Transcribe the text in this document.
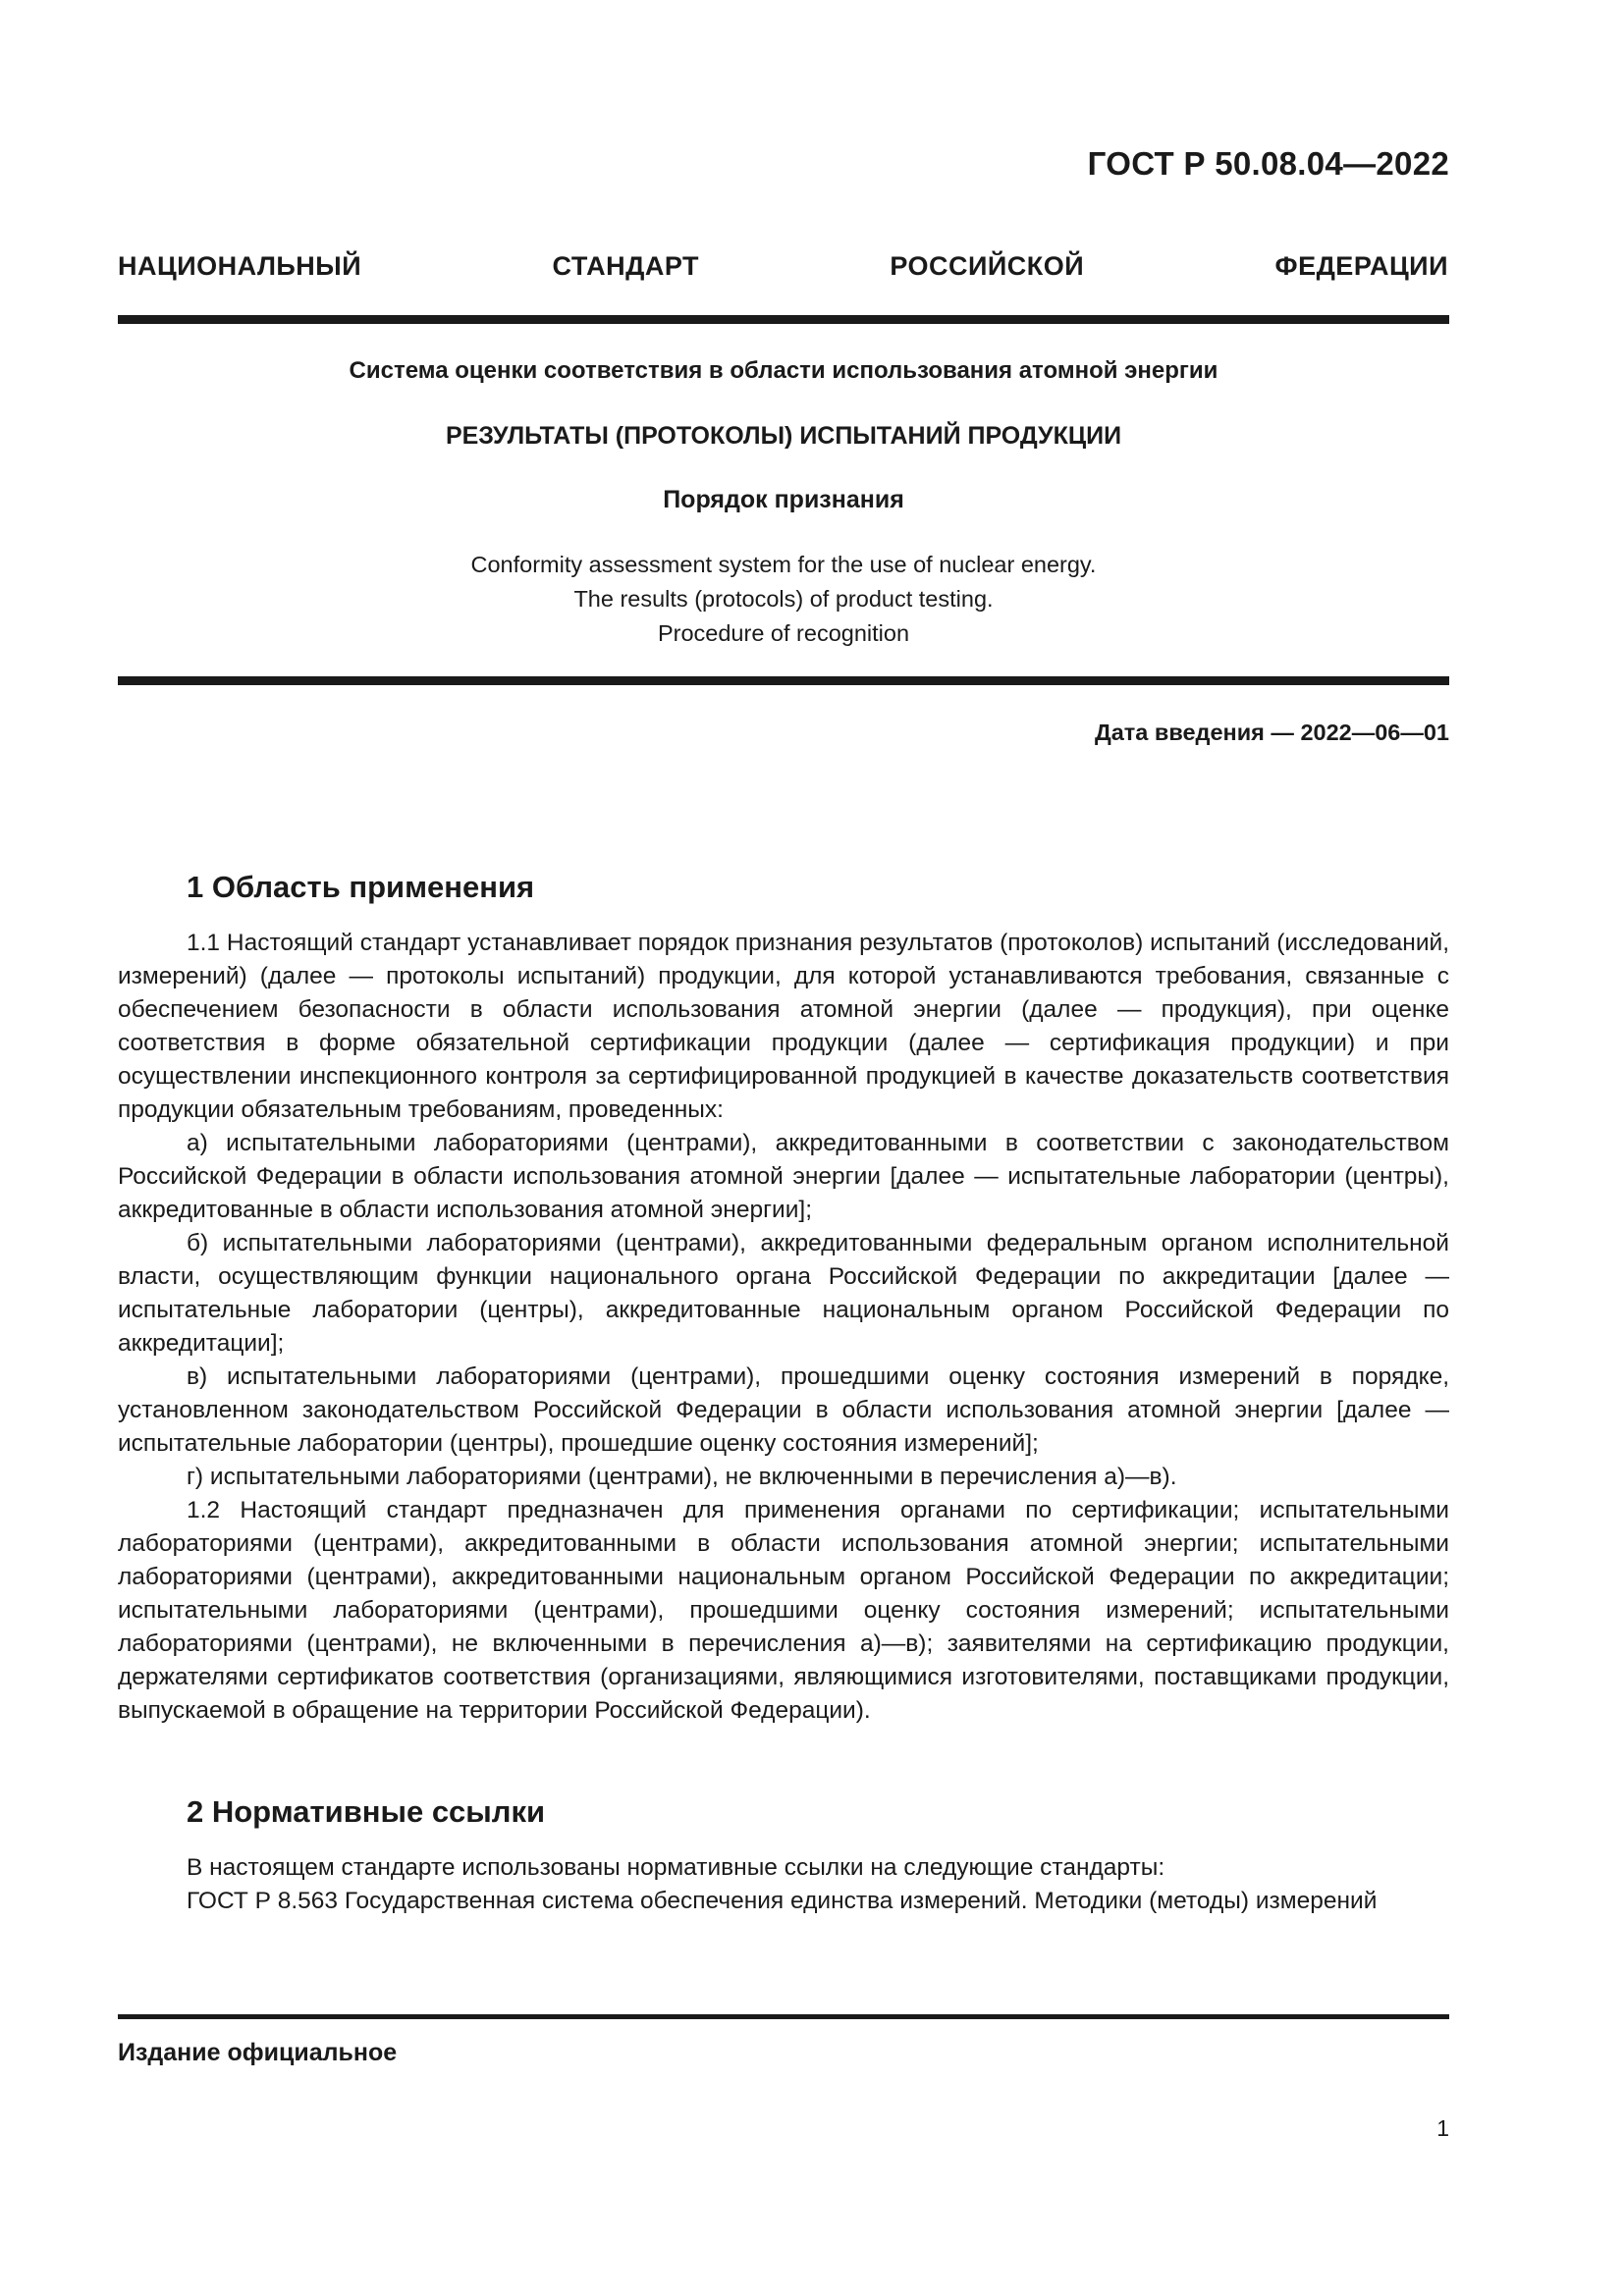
ГОСТ Р 50.08.04—2022
НАЦИОНАЛЬНЫЙ СТАНДАРТ РОССИЙСКОЙ ФЕДЕРАЦИИ
Система оценки соответствия в области использования атомной энергии
РЕЗУЛЬТАТЫ (ПРОТОКОЛЫ) ИСПЫТАНИЙ ПРОДУКЦИИ
Порядок признания
Conformity assessment system for the use of nuclear energy.
The results (protocols) of product testing.
Procedure of recognition
Дата введения — 2022—06—01
1 Область применения

1.1 Настоящий стандарт устанавливает порядок признания результатов (протоколов) испытаний (исследований, измерений) (далее — протоколы испытаний) продукции, для которой устанавливаются требования, связанные с обеспечением безопасности в области использования атомной энергии (далее — продукция), при оценке соответствия в форме обязательной сертификации продукции (далее — сертификация продукции) и при осуществлении инспекционного контроля за сертифицированной продукцией в качестве доказательств соответствия продукции обязательным требованиям, проведенных:

а) испытательными лабораториями (центрами), аккредитованными в соответствии с законодательством Российской Федерации в области использования атомной энергии [далее — испытательные лаборатории (центры), аккредитованные в области использования атомной энергии];

б) испытательными лабораториями (центрами), аккредитованными федеральным органом исполнительной власти, осуществляющим функции национального органа Российской Федерации по аккредитации [далее — испытательные лаборатории (центры), аккредитованные национальным органом Российской Федерации по аккредитации];

в) испытательными лабораториями (центрами), прошедшими оценку состояния измерений в порядке, установленном законодательством Российской Федерации в области использования атомной энергии [далее — испытательные лаборатории (центры), прошедшие оценку состояния измерений];

г) испытательными лабораториями (центрами), не включенными в перечисления а)—в).

1.2 Настоящий стандарт предназначен для применения органами по сертификации; испытательными лабораториями (центрами), аккредитованными в области использования атомной энергии; испытательными лабораториями (центрами), аккредитованными национальным органом Российской Федерации по аккредитации; испытательными лабораториями (центрами), прошедшими оценку состояния измерений; испытательными лабораториями (центрами), не включенными в перечисления а)—в); заявителями на сертификацию продукции, держателями сертификатов соответствия (организациями, являющимися изготовителями, поставщиками продукции, выпускаемой в обращение на территории Российской Федерации).

2 Нормативные ссылки

В настоящем стандарте использованы нормативные ссылки на следующие стандарты:

ГОСТ Р 8.563 Государственная система обеспечения единства измерений. Методики (методы) измерений

Издание официальное
1
